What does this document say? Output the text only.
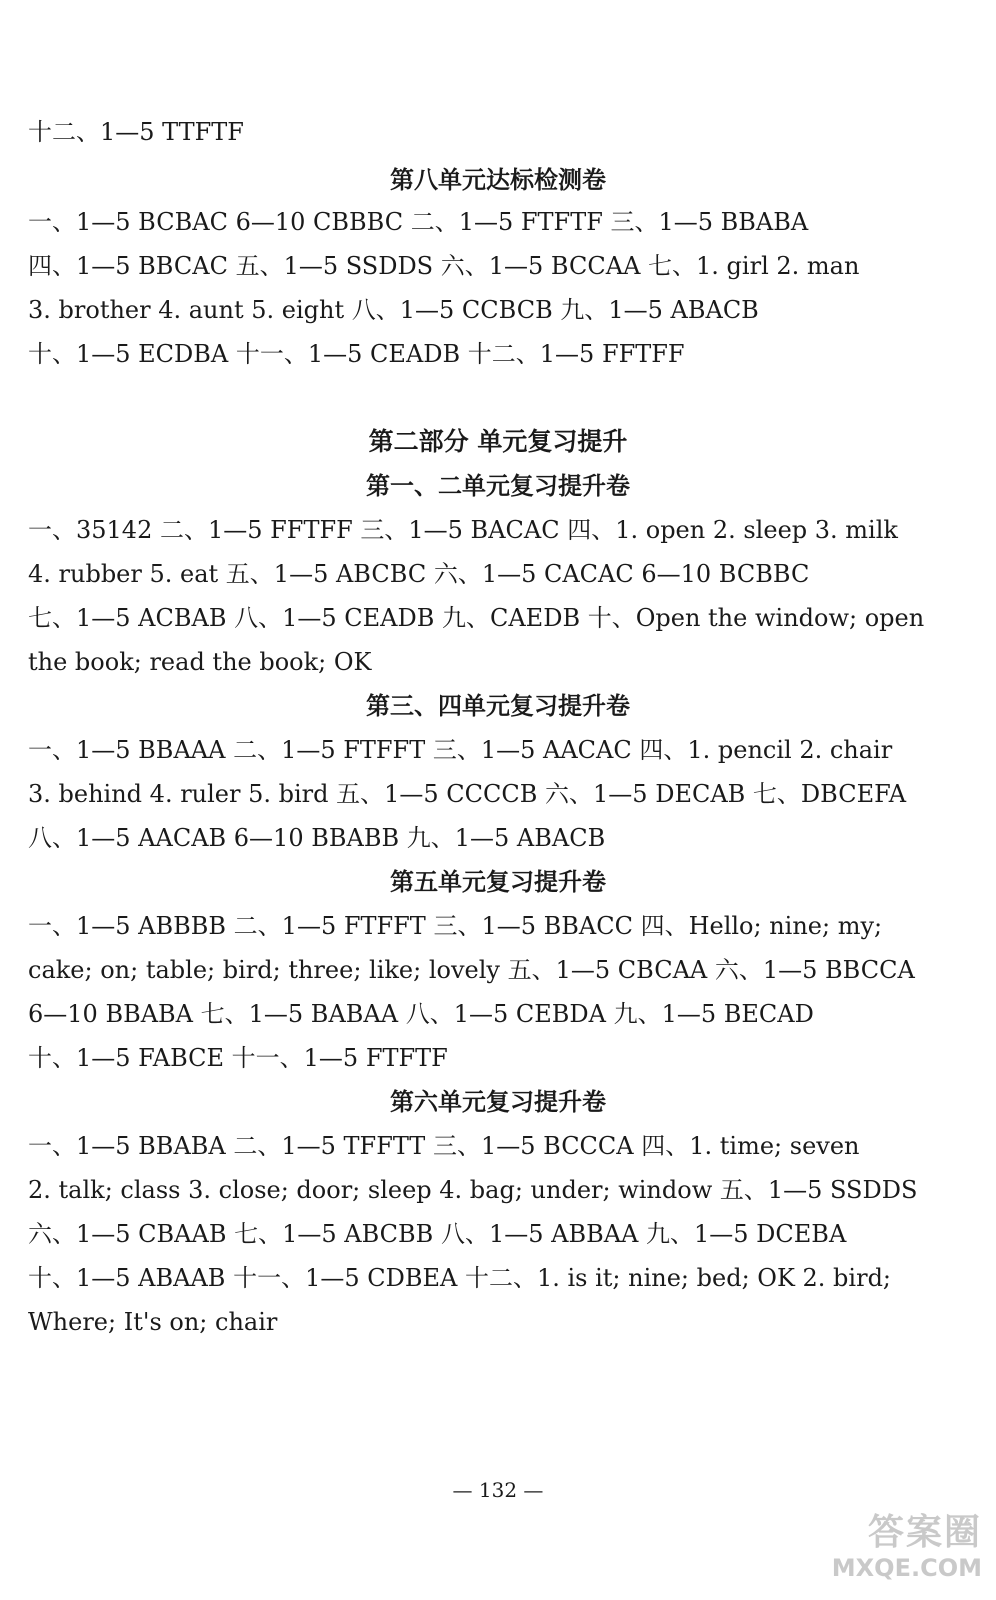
十二、1—5 TTFTF
第八单元达标检测卷
一、1—5 BCBAC 6—10 CBBBC 二、1—5 FTFTF 三、1—5 BBABA
四、1—5 BBCAC 五、1—5 SSDDS 六、1—5 BCCAA 七、1. girl 2. man
3. brother 4. aunt 5. eight 八、1—5 CCBCB 九、1—5 ABACB
十、1—5 ECDBA 十一、1—5 CEADB 十二、1—5 FFTFF
第二部分 单元复习提升
第一、二单元复习提升卷
一、35142 二、1—5 FFTFF 三、1—5 BACAC 四、1. open 2. sleep 3. milk
4. rubber 5. eat 五、1—5 ABCBC 六、1—5 CACAC 6—10 BCBBC
七、1—5 ACBAB 八、1—5 CEADB 九、CAEDB 十、Open the window; open
the book; read the book; OK
第三、四单元复习提升卷
一、1—5 BBAAA 二、1—5 FTFFT 三、1—5 AACAC 四、1. pencil 2. chair
3. behind 4. ruler 5. bird 五、1—5 CCCCB 六、1—5 DECAB 七、DBCEFA
八、1—5 AACAB 6—10 BBABB 九、1—5 ABACB
第五单元复习提升卷
一、1—5 ABBBB 二、1—5 FTFFT 三、1—5 BBACC 四、Hello; nine; my;
cake; on; table; bird; three; like; lovely 五、1—5 CBCAA 六、1—5 BBCCA
6—10 BBABA 七、1—5 BABAA 八、1—5 CEBDA 九、1—5 BECAD
十、1—5 FABCE 十一、1—5 FTFTF
第六单元复习提升卷
一、1—5 BBABA 二、1—5 TFFTT 三、1—5 BCCCA 四、1. time; seven
2. talk; class 3. close; door; sleep 4. bag; under; window 五、1—5 SSDDS
六、1—5 CBAAB 七、1—5 ABCBB 八、1—5 ABBAA 九、1—5 DCEBA
十、1—5 ABAAB 十一、1—5 CDBEA 十二、1. is it; nine; bed; OK 2. bird;
Where; It's on; chair
— 132 —
答案圈
MXQE.COM
